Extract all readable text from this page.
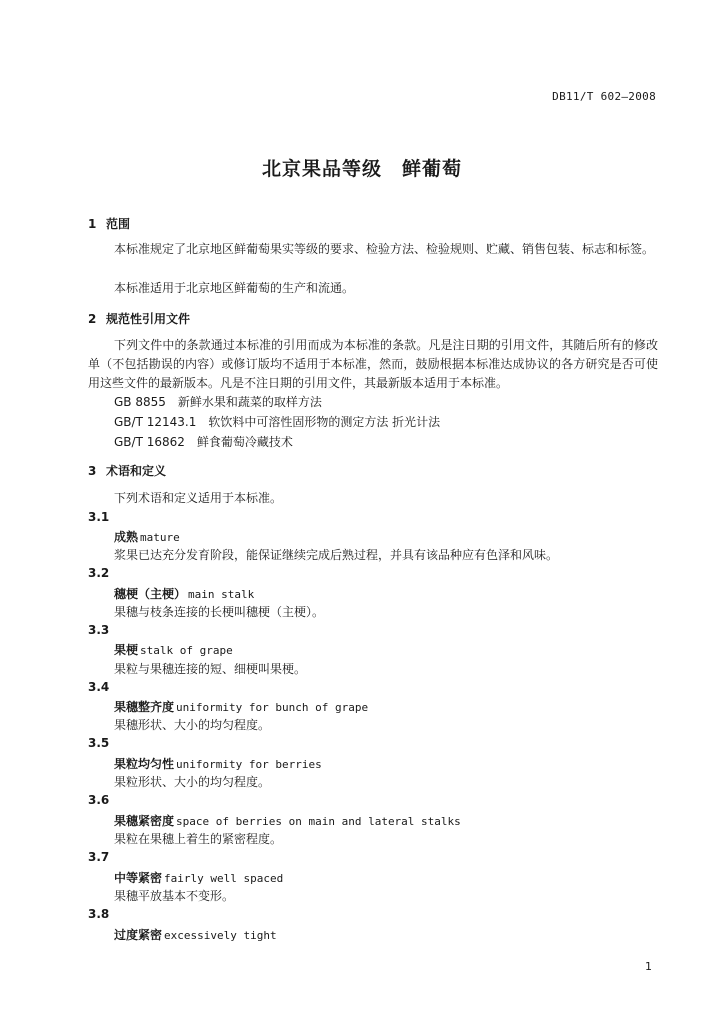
DB11/T 602—2008
北京果品等级　鲜葡萄
1 范围
本标准规定了北京地区鲜葡萄果实等级的要求、检验方法、检验规则、贮藏、销售包装、标志和标签。
本标准适用于北京地区鲜葡萄的生产和流通。
2 规范性引用文件
下列文件中的条款通过本标准的引用而成为本标准的条款。凡是注日期的引用文件，其随后所有的修改单（不包括勘误的内容）或修订版均不适用于本标准，然而，鼓励根据本标准达成协议的各方研究是否可使用这些文件的最新版本。凡是不注日期的引用文件，其最新版本适用于本标准。
GB 8855　新鲜水果和蔬菜的取样方法
GB/T 12143.1　软饮料中可溶性固形物的测定方法 折光计法
GB/T 16862　鲜食葡萄冷藏技术
3 术语和定义
下列术语和定义适用于本标准。
3.1
成熟 mature
浆果已达充分发育阶段，能保证继续完成后熟过程，并具有该品种应有色泽和风味。
3.2
穗梗（主梗） main stalk
果穗与枝条连接的长梗叫穗梗（主梗）。
3.3
果梗 stalk of grape
果粒与果穗连接的短、细梗叫果梗。
3.4
果穗整齐度 uniformity for bunch of grape
果穗形状、大小的均匀程度。
3.5
果粒均匀性 uniformity for berries
果粒形状、大小的均匀程度。
3.6
果穗紧密度 space of berries on main and lateral stalks
果粒在果穗上着生的紧密程度。
3.7
中等紧密 fairly well spaced
果穗平放基本不变形。
3.8
过度紧密 excessively tight
1
